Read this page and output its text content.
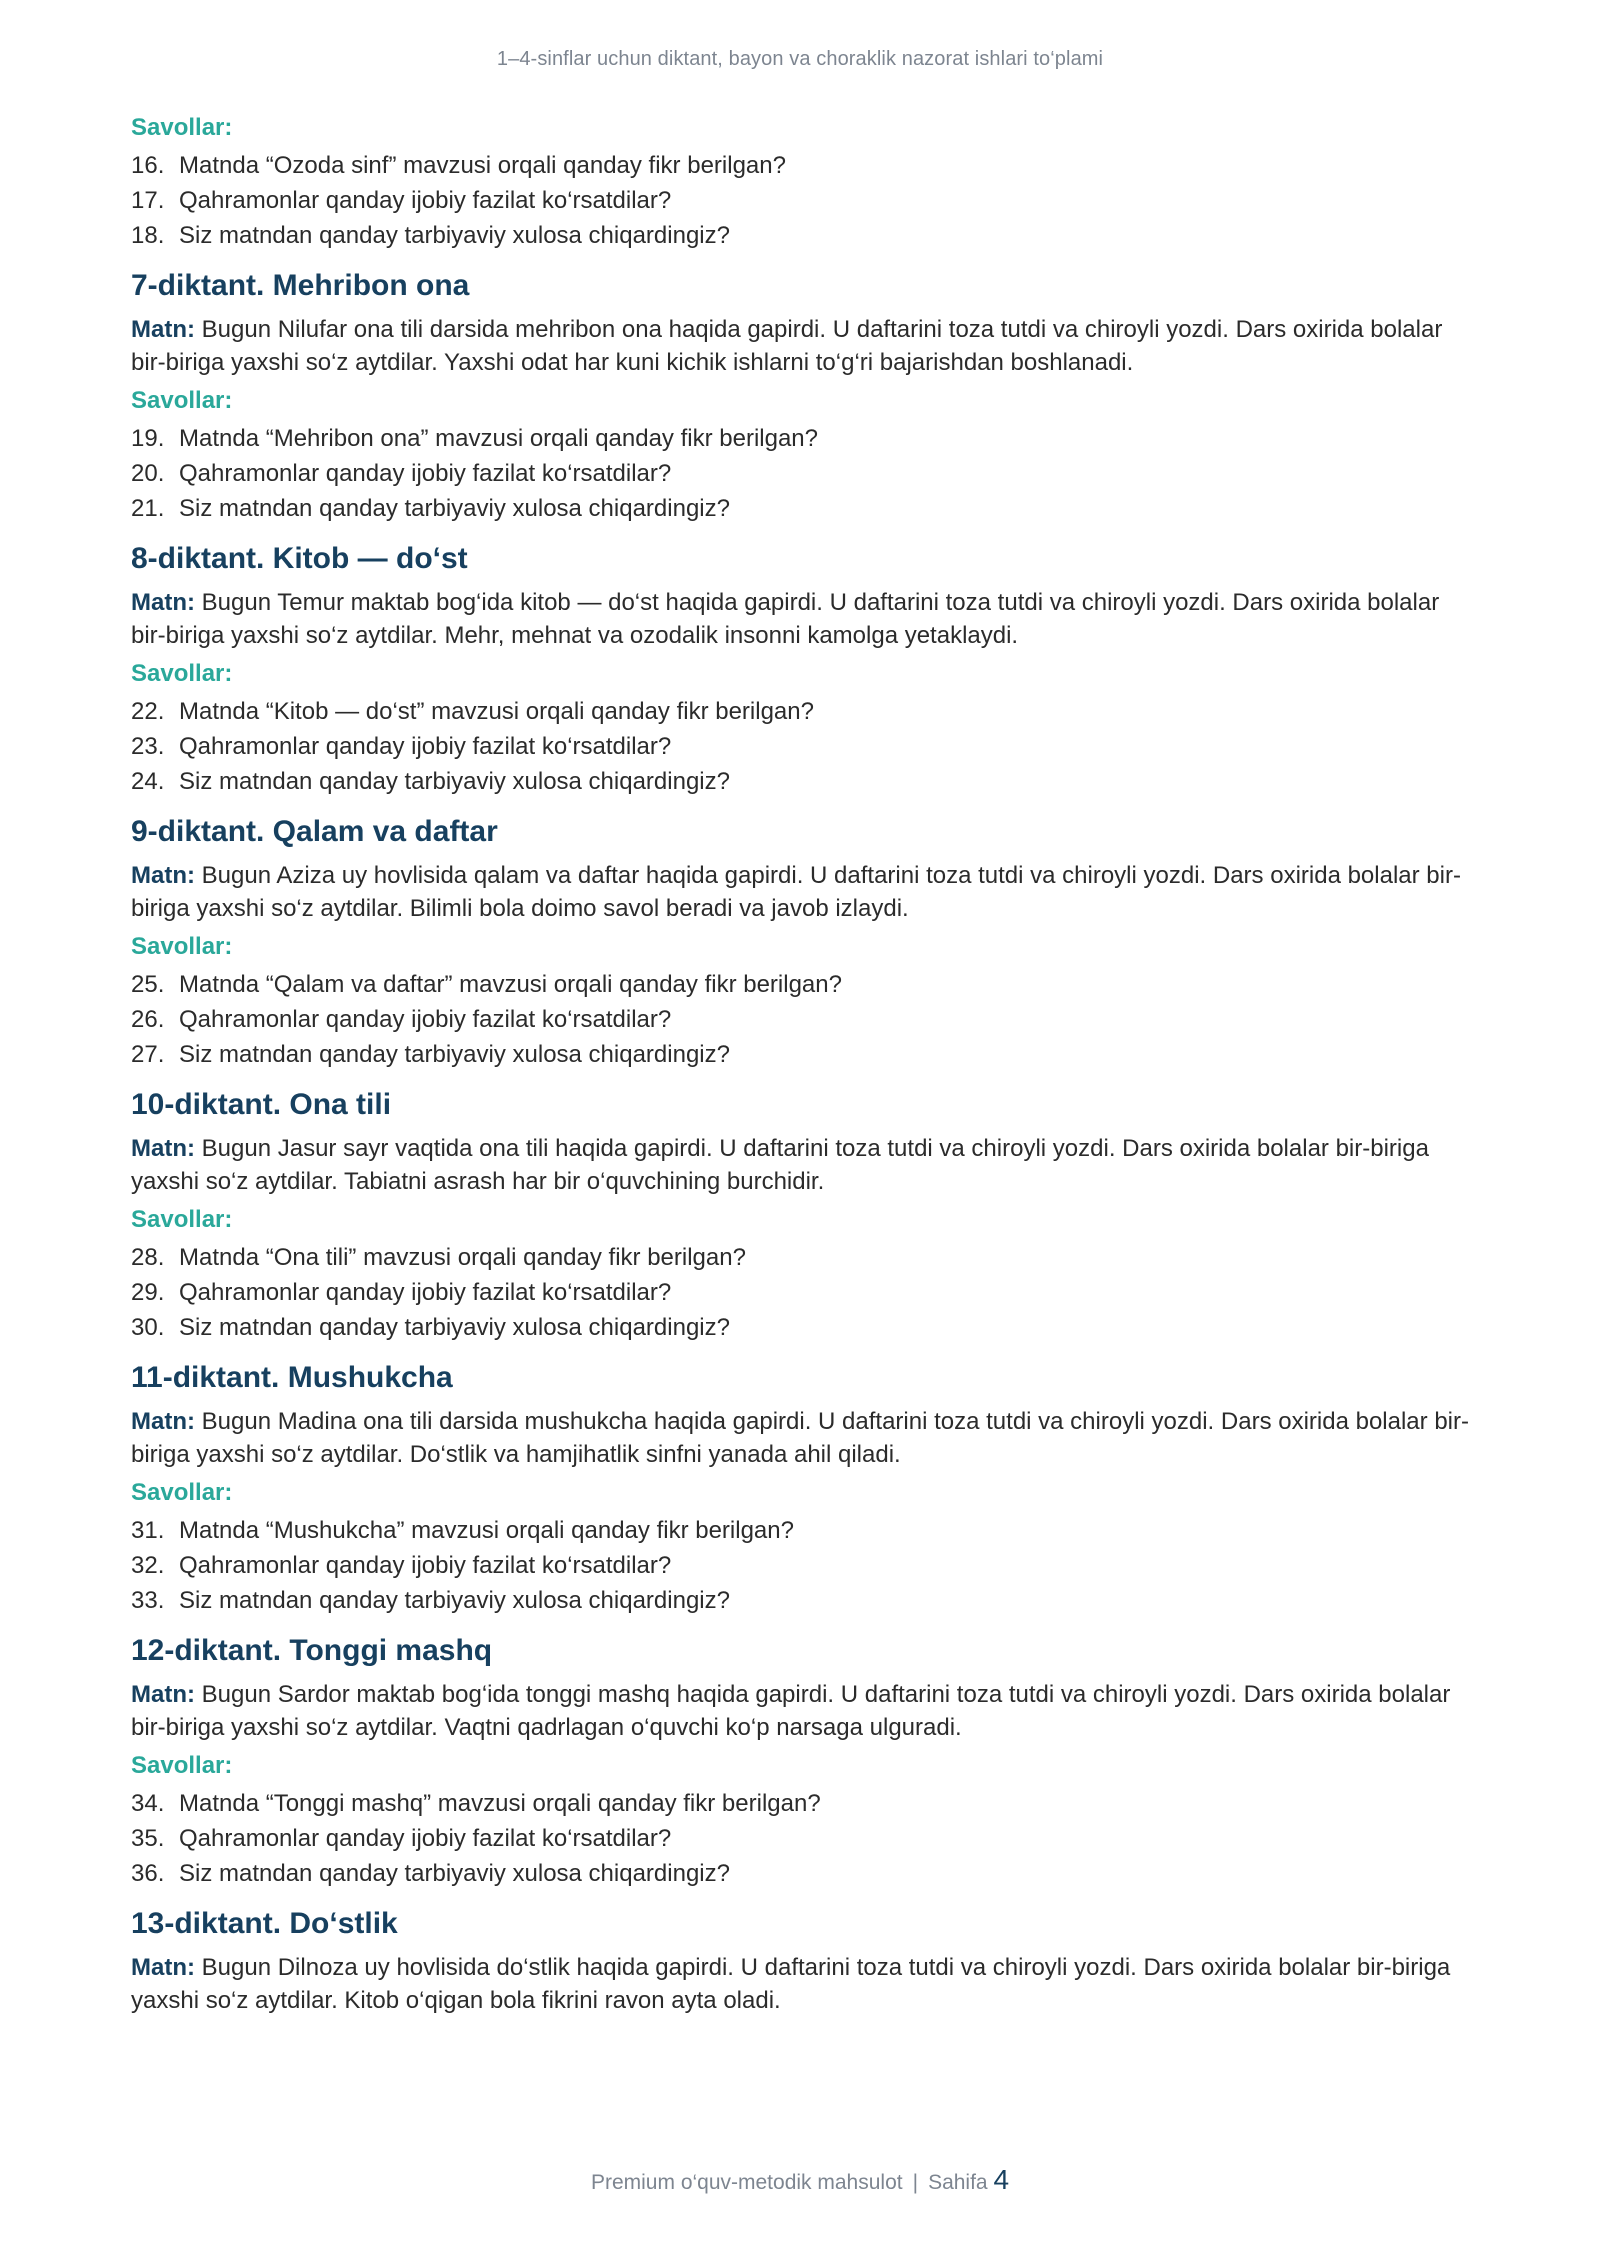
1–4-sinflar uchun diktant, bayon va choraklik nazorat ishlari to‘plami

Savollar:

16. Matnda “Ozoda sinf” mavzusi orqali qanday fikr berilgan?
17. Qahramonlar qanday ijobiy fazilat ko‘rsatdilar?
18. Siz matndan qanday tarbiyaviy xulosa chiqardingiz?
7-diktant. Mehribon ona

Matn: Bugun Nilufar ona tili darsida mehribon ona haqida gapirdi. U daftarini toza tutdi va chiroyli yozdi. Dars oxirida bolalar bir-biriga yaxshi so‘z aytdilar. Yaxshi odat har kuni kichik ishlarni to‘g‘ri bajarishdan boshlanadi.

Savollar:

19. Matnda “Mehribon ona” mavzusi orqali qanday fikr berilgan?
20. Qahramonlar qanday ijobiy fazilat ko‘rsatdilar?
21. Siz matndan qanday tarbiyaviy xulosa chiqardingiz?
8-diktant. Kitob — do‘st

Matn: Bugun Temur maktab bog‘ida kitob — do‘st haqida gapirdi. U daftarini toza tutdi va chiroyli yozdi. Dars oxirida bolalar bir-biriga yaxshi so‘z aytdilar. Mehr, mehnat va ozodalik insonni kamolga yetaklaydi.

Savollar:

22. Matnda “Kitob — do‘st” mavzusi orqali qanday fikr berilgan?
23. Qahramonlar qanday ijobiy fazilat ko‘rsatdilar?
24. Siz matndan qanday tarbiyaviy xulosa chiqardingiz?
9-diktant. Qalam va daftar

Matn: Bugun Aziza uy hovlisida qalam va daftar haqida gapirdi. U daftarini toza tutdi va chiroyli yozdi. Dars oxirida bolalar bir-biriga yaxshi so‘z aytdilar. Bilimli bola doimo savol beradi va javob izlaydi.

Savollar:

25. Matnda “Qalam va daftar” mavzusi orqali qanday fikr berilgan?
26. Qahramonlar qanday ijobiy fazilat ko‘rsatdilar?
27. Siz matndan qanday tarbiyaviy xulosa chiqardingiz?
10-diktant. Ona tili

Matn: Bugun Jasur sayr vaqtida ona tili haqida gapirdi. U daftarini toza tutdi va chiroyli yozdi. Dars oxirida bolalar bir-biriga yaxshi so‘z aytdilar. Tabiatni asrash har bir o‘quvchining burchidir.

Savollar:

28. Matnda “Ona tili” mavzusi orqali qanday fikr berilgan?
29. Qahramonlar qanday ijobiy fazilat ko‘rsatdilar?
30. Siz matndan qanday tarbiyaviy xulosa chiqardingiz?
11-diktant. Mushukcha

Matn: Bugun Madina ona tili darsida mushukcha haqida gapirdi. U daftarini toza tutdi va chiroyli yozdi. Dars oxirida bolalar bir-biriga yaxshi so‘z aytdilar. Do‘stlik va hamjihatlik sinfni yanada ahil qiladi.

Savollar:

31. Matnda “Mushukcha” mavzusi orqali qanday fikr berilgan?
32. Qahramonlar qanday ijobiy fazilat ko‘rsatdilar?
33. Siz matndan qanday tarbiyaviy xulosa chiqardingiz?
12-diktant. Tonggi mashq

Matn: Bugun Sardor maktab bog‘ida tonggi mashq haqida gapirdi. U daftarini toza tutdi va chiroyli yozdi. Dars oxirida bolalar bir-biriga yaxshi so‘z aytdilar. Vaqtni qadrlagan o‘quvchi ko‘p narsaga ulguradi.

Savollar:

34. Matnda “Tonggi mashq” mavzusi orqali qanday fikr berilgan?
35. Qahramonlar qanday ijobiy fazilat ko‘rsatdilar?
36. Siz matndan qanday tarbiyaviy xulosa chiqardingiz?
13-diktant. Do‘stlik

Matn: Bugun Dilnoza uy hovlisida do‘stlik haqida gapirdi. U daftarini toza tutdi va chiroyli yozdi. Dars oxirida bolalar bir-biriga yaxshi so‘z aytdilar. Kitob o‘qigan bola fikrini ravon ayta oladi.

Premium o‘quv-metodik mahsulot | Sahifa 4
